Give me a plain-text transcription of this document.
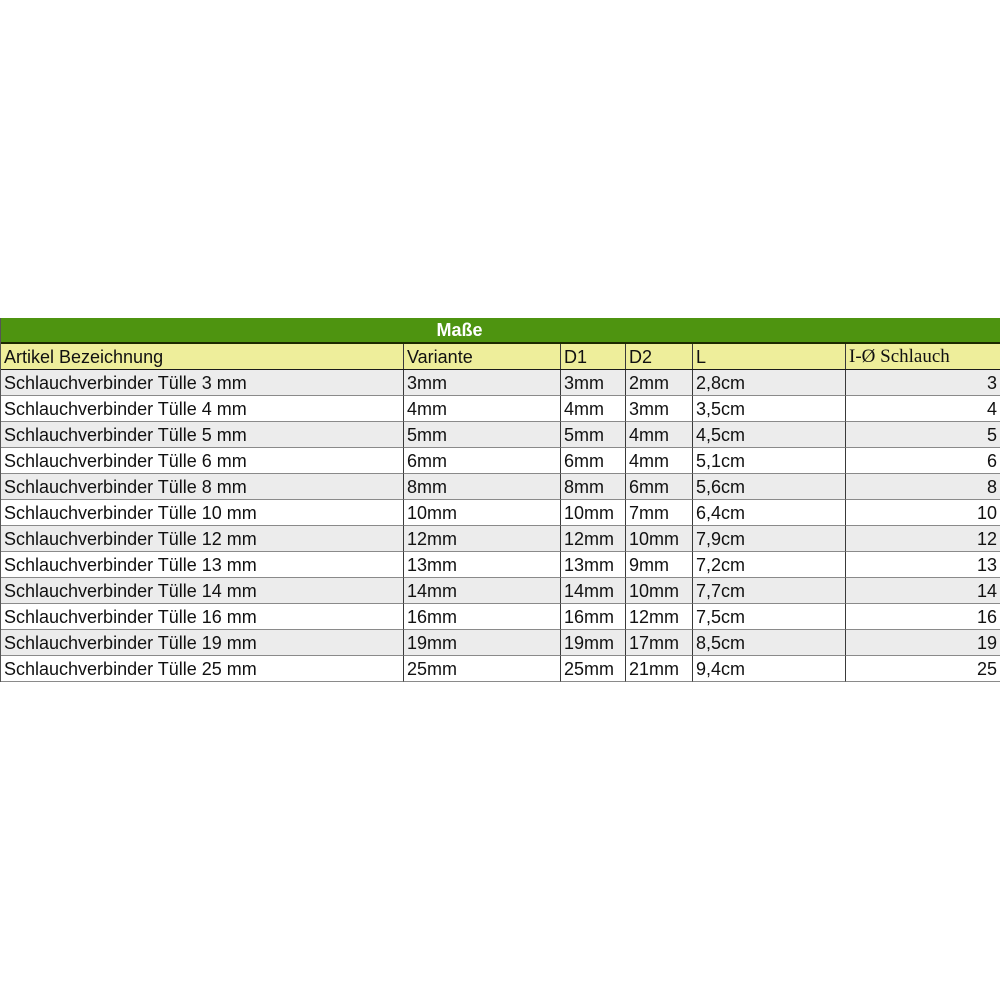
Maße
Artikel Bezeichnung	Variante	D1	D2	L	I-Ø Schlauch
Schlauchverbinder Tülle 3 mm	3mm	3mm	2mm	2,8cm	3
Schlauchverbinder Tülle 4 mm	4mm	4mm	3mm	3,5cm	4
Schlauchverbinder Tülle 5 mm	5mm	5mm	4mm	4,5cm	5
Schlauchverbinder Tülle 6 mm	6mm	6mm	4mm	5,1cm	6
Schlauchverbinder Tülle 8 mm	8mm	8mm	6mm	5,6cm	8
Schlauchverbinder Tülle 10 mm	10mm	10mm 7mm	6,4cm	10
Schlauchverbinder Tülle 12 mm	12mm	12mm 10mm 7,9cm	12
Schlauchverbinder Tülle 13 mm	13mm	13mm 9mm	7,2cm	13
Schlauchverbinder Tülle 14 mm	14mm	14mm 10mm 7,7cm	14
Schlauchverbinder Tülle 16 mm	16mm	16mm 12mm 7,5cm	16
Schlauchverbinder Tülle 19 mm	19mm	19mm 17mm 8,5cm	19
Schlauchverbinder Tülle 25 mm	25mm	25mm 21mm 9,4cm	25
